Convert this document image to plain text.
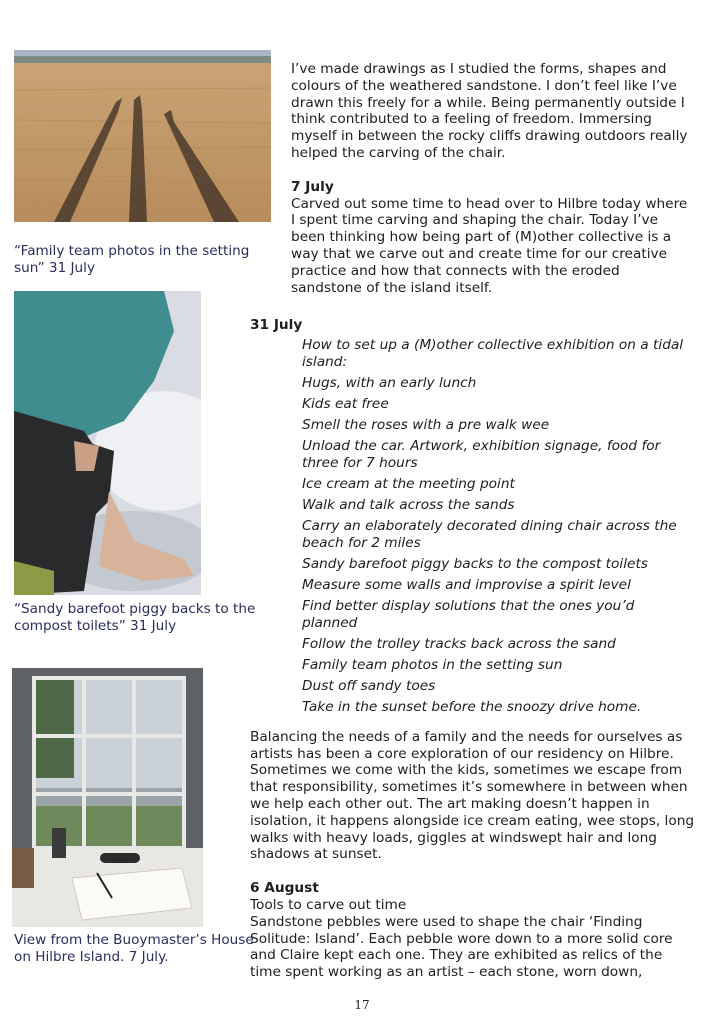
“Family team photos in the setting sun” 31 July
“Sandy barefoot piggy backs to the compost toilets” 31 July
View from the Buoymaster’s House on Hilbre Island. 7 July.
I’ve made drawings as I studied the forms, shapes and colours of the weathered sandstone. I don’t feel like I’ve drawn this freely for a while. Being permanently outside I think contributed to a feeling of freedom. Immersing myself in between the rocky cliffs drawing outdoors really helped the carving of the chair.
7 July
Carved out some time to head over to Hilbre today where I spent time carving and shaping the chair. Today I’ve been thinking how being part of (M)other collective is a way that we carve out and create time for our creative practice and how that connects with the eroded sandstone of the island itself.
31 July
How to set up a (M)other collective exhibition on a tidal island:
Hugs, with an early lunch
Kids eat free
Smell the roses with a pre walk wee
Unload the car. Artwork, exhibition signage, food for three for 7 hours
Ice cream at the meeting point
Walk and talk across the sands
Carry an elaborately decorated dining chair across the beach for 2 miles
Sandy barefoot piggy backs to the compost toilets
Measure some walls and improvise a spirit level
Find better display solutions that the ones you’d planned
Follow the trolley tracks back across the sand
Family team photos in the setting sun
Dust off sandy toes
Take in the sunset before the snoozy drive home.
Balancing the needs of a family and the needs for ourselves as artists has been a core exploration of our residency on Hilbre. Sometimes we come with the kids, sometimes we escape from that responsibility, sometimes it’s somewhere in between when we help each other out. The art making doesn’t happen in isolation, it happens alongside ice cream eating, wee stops, long walks with heavy loads, giggles at windswept hair and long shadows at sunset.
6 August
Tools to carve out time
Sandstone pebbles were used to shape the chair ‘Finding Solitude: Island’. Each pebble wore down to a more solid core and Claire kept each one. They are exhibited as relics of the time spent working as an artist – each stone, worn down,
17
